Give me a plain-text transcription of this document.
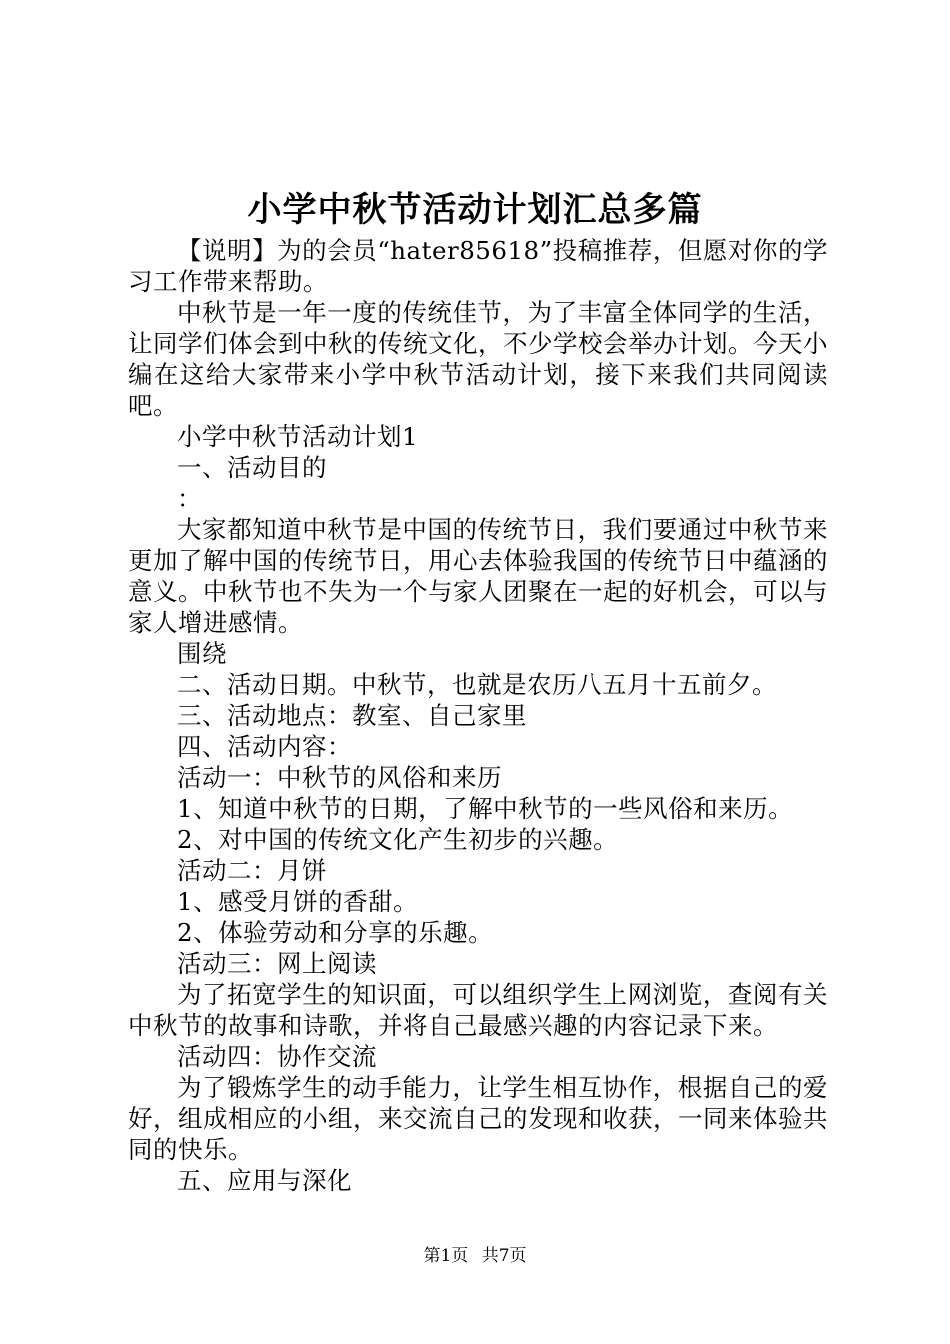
小学中秋节活动计划汇总多篇

【说明】为的会员“hater85618”投稿推荐，但愿对你的学习工作带来帮助。

中秋节是一年一度的传统佳节，为了丰富全体同学的生活，让同学们体会到中秋的传统文化，不少学校会举办计划。今天小编在这给大家带来小学中秋节活动计划，接下来我们共同阅读吧。

小学中秋节活动计划1

一、活动目的

：

大家都知道中秋节是中国的传统节日，我们要通过中秋节来更加了解中国的传统节日，用心去体验我国的传统节日中蕴涵的意义。中秋节也不失为一个与家人团聚在一起的好机会，可以与家人增进感情。

围绕

二、活动日期。中秋节，也就是农历八五月十五前夕。

三、活动地点：教室、自己家里

四、活动内容：

活动一：中秋节的风俗和来历

1、知道中秋节的日期，了解中秋节的一些风俗和来历。

2、对中国的传统文化产生初步的兴趣。

活动二：月饼

1、感受月饼的香甜。

2、体验劳动和分享的乐趣。

活动三：网上阅读

为了拓宽学生的知识面，可以组织学生上网浏览，查阅有关中秋节的故事和诗歌，并将自己最感兴趣的内容记录下来。

活动四：协作交流

为了锻炼学生的动手能力，让学生相互协作，根据自己的爱好，组成相应的小组，来交流自己的发现和收获，一同来体验共同的快乐。

五、应用与深化

第1页 共7页
